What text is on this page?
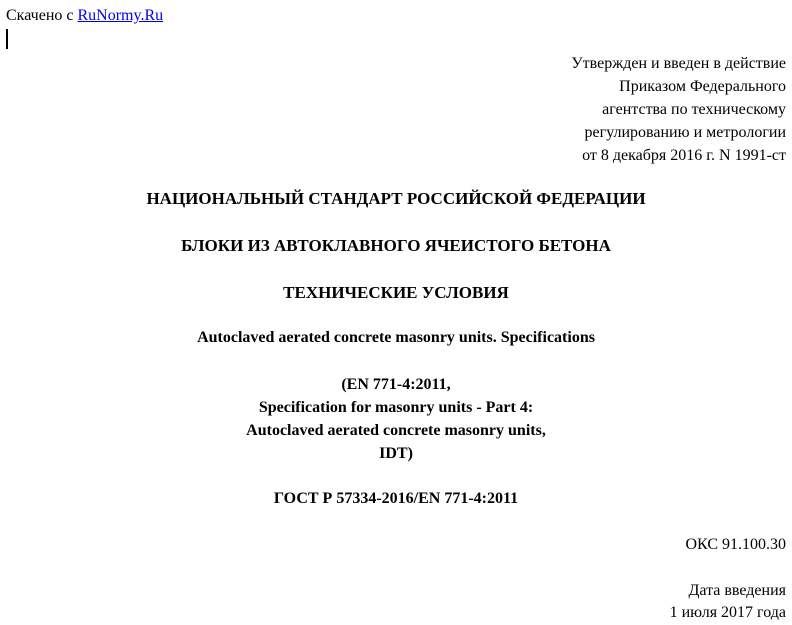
Скачено с RuNormy.Ru
Утвержден и введен в действие
Приказом Федерального
агентства по техническому
регулированию и метрологии
от 8 декабря 2016 г. N 1991-ст
НАЦИОНАЛЬНЫЙ СТАНДАРТ РОССИЙСКОЙ ФЕДЕРАЦИИ
БЛОКИ ИЗ АВТОКЛАВНОГО ЯЧЕИСТОГО БЕТОНА
ТЕХНИЧЕСКИЕ УСЛОВИЯ
Autoclaved aerated concrete masonry units. Specifications
(EN 771-4:2011,
Specification for masonry units - Part 4:
Autoclaved aerated concrete masonry units,
IDT)
ГОСТ Р 57334-2016/EN 771-4:2011
ОКС 91.100.30
Дата введения
1 июля 2017 года
